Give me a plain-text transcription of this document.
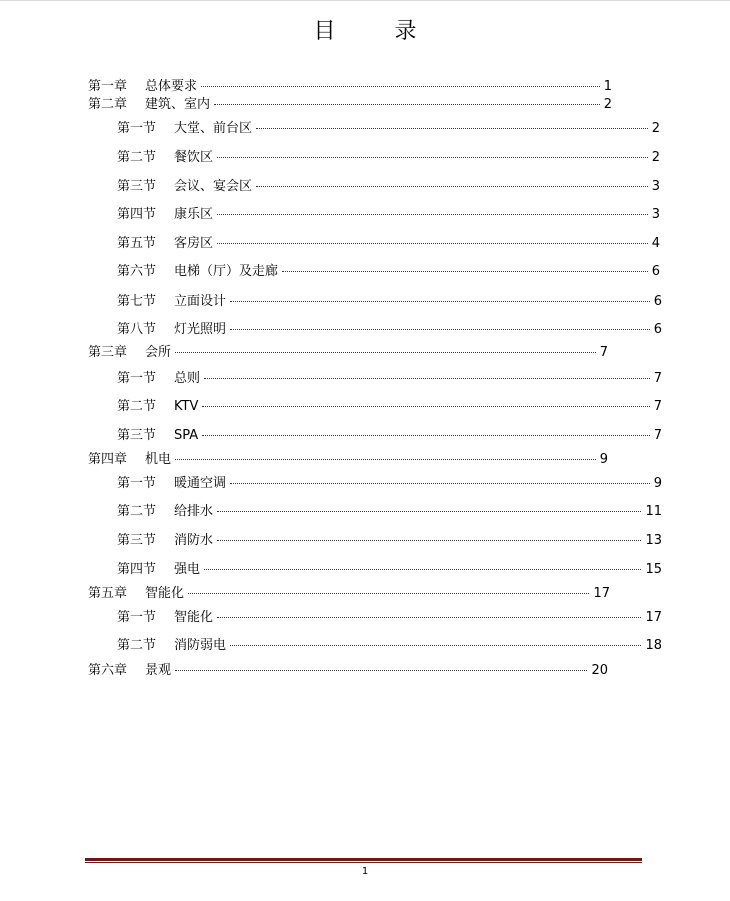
目 录
第一章 总体要求	1
第二章 建筑、室内	2
第一节 大堂、前台区	2
第二节 餐饮区	2
第三节 会议、宴会区	3
第四节 康乐区	3
第五节 客房区	4
第六节 电梯（厅）及走廊	6
第七节 立面设计	6
第八节 灯光照明	6
第三章 会所	7
第一节 总则	7
第二节 KTV	7
第三节 SPA	7
第四章 机电	9
第一节 暖通空调	9
第二节 给排水	11
第三节 消防水	13
第四节 强电	15
第五章 智能化	17
第一节 智能化	17
第二节 消防弱电	18
第六章 景观	20
1
